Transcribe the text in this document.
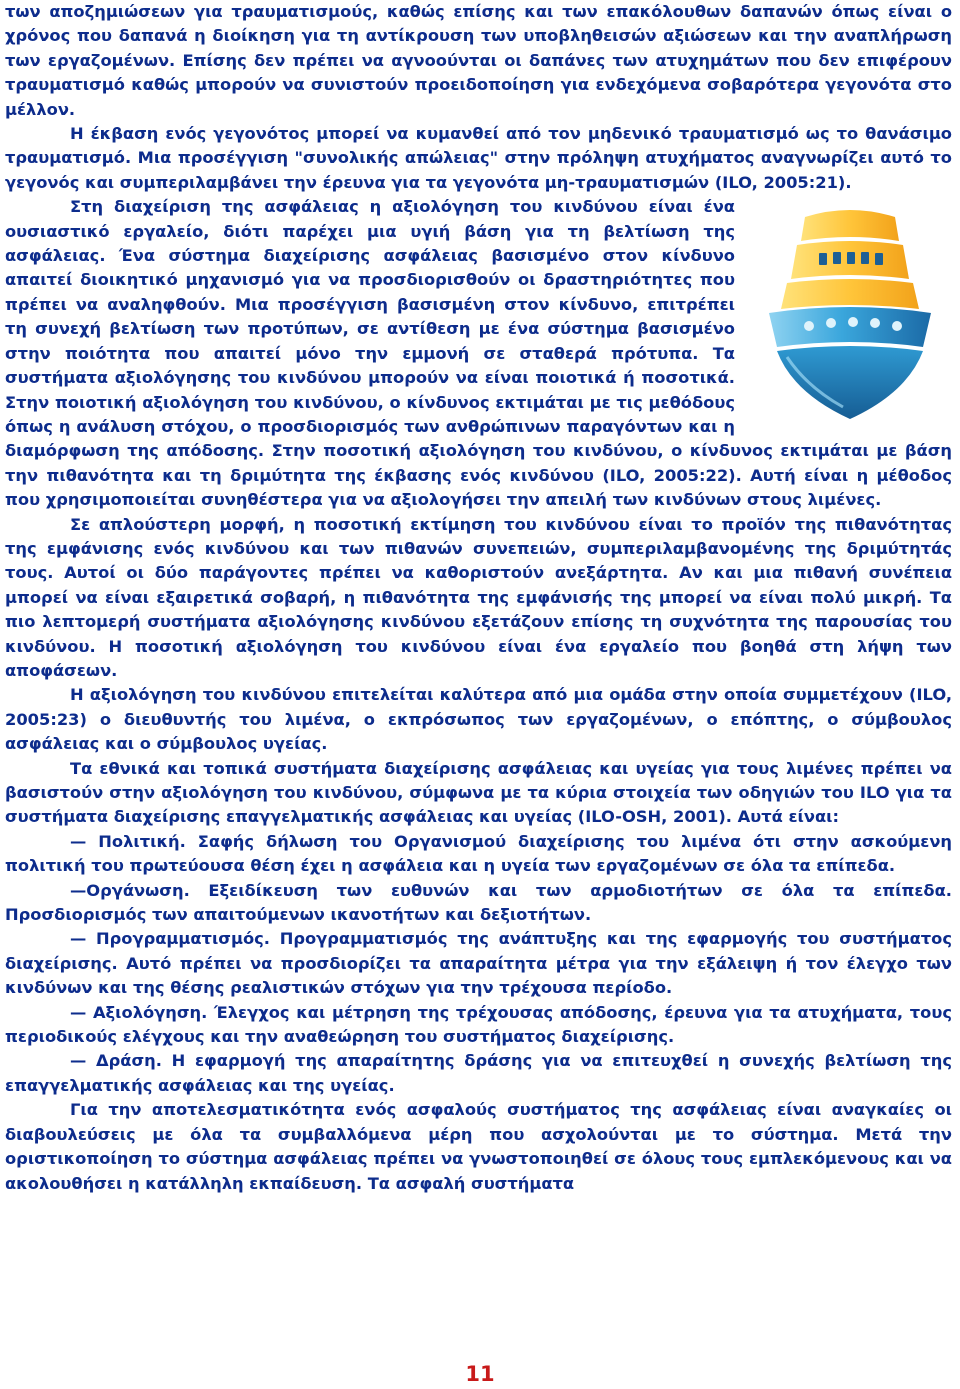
των αποζημιώσεων για τραυματισμούς, καθώς επίσης και των επακόλουθων δαπανών όπως είναι ο χρόνος που δαπανά η διοίκηση για τη αντίκρουση των υποβληθεισών αξιώσεων και την αναπλήρωση των εργαζομένων. Επίσης δεν πρέπει να αγνοούνται οι δαπάνες των ατυχημάτων που δεν επιφέρουν τραυματισμό καθώς μπορούν να συνιστούν προειδοποίηση για ενδεχόμενα σοβαρότερα γεγονότα στο μέλλον.

Η έκβαση ενός γεγονότος μπορεί να κυμανθεί από τον μηδενικό τραυματισμό ως το θανάσιμο τραυματισμό. Μια προσέγγιση "συνολικής απώλειας" στην πρόληψη ατυχήματος αναγνωρίζει αυτό το γεγονός και συμπεριλαμβάνει την έρευνα για τα γεγονότα μη-τραυματισμών (ILO, 2005:21).

Στη διαχείριση της ασφάλειας η αξιολόγηση του κινδύνου είναι ένα ουσιαστικό εργαλείο, διότι παρέχει μια υγιή βάση για τη βελτίωση της ασφάλειας. Ένα σύστημα διαχείρισης ασφάλειας βασισμένο στον κίνδυνο απαιτεί διοικητικό μηχανισμό για να προσδιορισθούν οι δραστηριότητες που πρέπει να αναληφθούν. Μια προσέγγιση βασισμένη στον κίνδυνο, επιτρέπει τη συνεχή βελτίωση των προτύπων, σε αντίθεση με ένα σύστημα βασισμένο στην ποιότητα που απαιτεί μόνο την εμμονή σε σταθερά πρότυπα. Τα συστήματα αξιολόγησης του κινδύνου μπορούν να είναι ποιοτικά ή ποσοτικά. Στην ποιοτική αξιολόγηση του κινδύνου, ο κίνδυνος εκτιμάται με τις μεθόδους όπως η ανάλυση στόχου, ο προσδιορισμός των ανθρώπινων παραγόντων και η διαμόρφωση της απόδοσης. Στην ποσοτική αξιολόγηση του κινδύνου, ο κίνδυνος εκτιμάται με βάση την πιθανότητα και τη δριμύτητα της έκβασης ενός κινδύνου (ILO, 2005:22). Αυτή είναι η μέθοδος που χρησιμοποιείται συνηθέστερα για να αξιολογήσει την απειλή των κινδύνων στους λιμένες.

Σε απλούστερη μορφή, η ποσοτική εκτίμηση του κινδύνου είναι το προϊόν της πιθανότητας της εμφάνισης ενός κινδύνου και των πιθανών συνεπειών, συμπεριλαμβανομένης της δριμύτητάς τους. Αυτοί οι δύο παράγοντες πρέπει να καθοριστούν ανεξάρτητα. Αν και μια πιθανή συνέπεια μπορεί να είναι εξαιρετικά σοβαρή, η πιθανότητα της εμφάνισής της μπορεί να είναι πολύ μικρή. Τα πιο λεπτομερή συστήματα αξιολόγησης κινδύνου εξετάζουν επίσης τη συχνότητα της παρουσίας του κινδύνου. Η ποσοτική αξιολόγηση του κινδύνου είναι ένα εργαλείο που βοηθά στη λήψη των αποφάσεων.

Η αξιολόγηση του κινδύνου επιτελείται καλύτερα από μια ομάδα στην οποία συμμετέχουν (ILO, 2005:23) ο διευθυντής του λιμένα, ο εκπρόσωπος των εργαζομένων, ο επόπτης, ο σύμβουλος ασφάλειας και ο σύμβουλος υγείας.

Τα εθνικά και τοπικά συστήματα διαχείρισης ασφάλειας και υγείας για τους λιμένες πρέπει να βασιστούν στην αξιολόγηση του κινδύνου, σύμφωνα με τα κύρια στοιχεία των οδηγιών του ILO για τα συστήματα διαχείρισης επαγγελματικής ασφάλειας και υγείας (ILO-OSH, 2001). Αυτά είναι:

— Πολιτική. Σαφής δήλωση του Οργανισμού διαχείρισης του λιμένα ότι στην ασκούμενη πολιτική του πρωτεύουσα θέση έχει η ασφάλεια και η υγεία των εργαζομένων σε όλα τα επίπεδα.

—Οργάνωση. Εξειδίκευση των ευθυνών και των αρμοδιοτήτων σε όλα τα επίπεδα. Προσδιορισμός των απαιτούμενων ικανοτήτων και δεξιοτήτων.

— Προγραμματισμός. Προγραμματισμός της ανάπτυξης και της εφαρμογής του συστήματος διαχείρισης. Αυτό πρέπει να προσδιορίζει τα απαραίτητα μέτρα για την εξάλειψη ή τον έλεγχο των κινδύνων και της θέσης ρεαλιστικών στόχων για την τρέχουσα περίοδο.

— Αξιολόγηση. Έλεγχος και μέτρηση της τρέχουσας απόδοσης, έρευνα για τα ατυχήματα, τους περιοδικούς ελέγχους και την αναθεώρηση του συστήματος διαχείρισης.

— Δράση. Η εφαρμογή της απαραίτητης δράσης για να επιτευχθεί η συνεχής βελτίωση της επαγγελματικής ασφάλειας και της υγείας.

Για την αποτελεσματικότητα ενός ασφαλούς συστήματος της ασφάλειας είναι αναγκαίες οι διαβουλεύσεις με όλα τα συμβαλλόμενα μέρη που ασχολούνται με το σύστημα. Μετά την οριστικοποίηση το σύστημα ασφάλειας πρέπει να γνωστοποιηθεί σε όλους τους εμπλεκόμενους και να ακολουθήσει η κατάλληλη εκπαίδευση. Τα ασφαλή συστήματα

11
